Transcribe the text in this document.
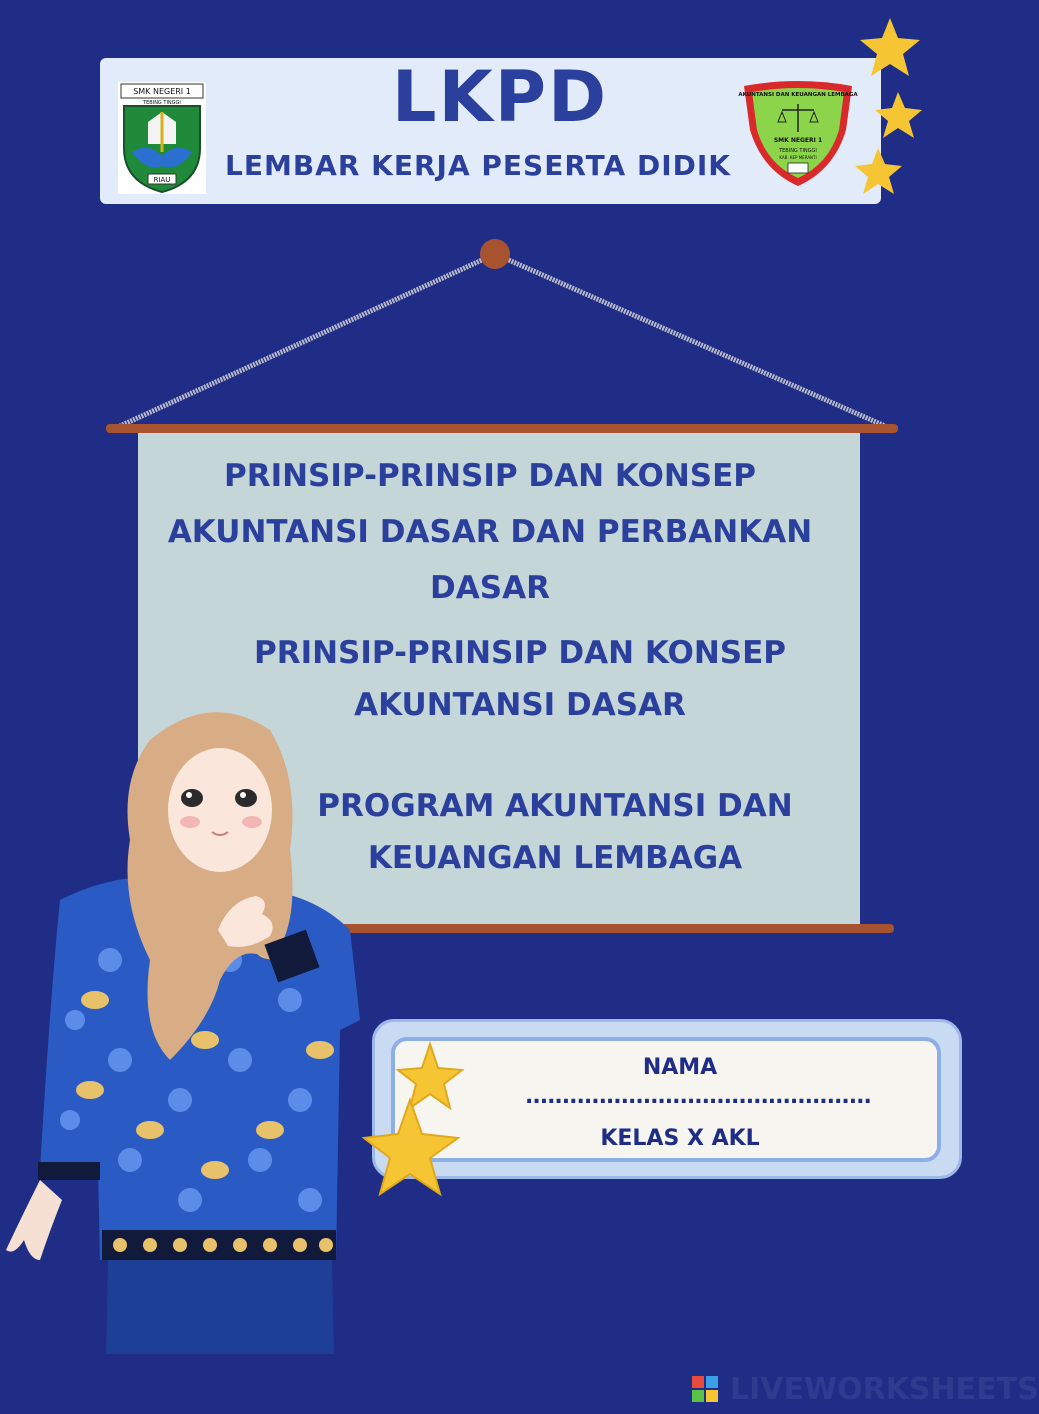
SMK NEGERI 1
TEBING TINGGI
RIAU
LKPD
LEMBAR KERJA PESERTA DIDIK
AKUNTANSI DAN KEUANGAN LEMBAGA
SMK NEGERI 1
TEBING TINGGI
KAB. KEP MERANTI
PRINSIP-PRINSIP DAN KONSEP
AKUNTANSI DASAR DAN PERBANKAN
DASAR
PRINSIP-PRINSIP DAN KONSEP
AKUNTANSI DASAR
PROGRAM AKUNTANSI DAN
KEUANGAN LEMBAGA
NAMA
...............................................
KELAS X AKL
LIVEWORKSHEETS
